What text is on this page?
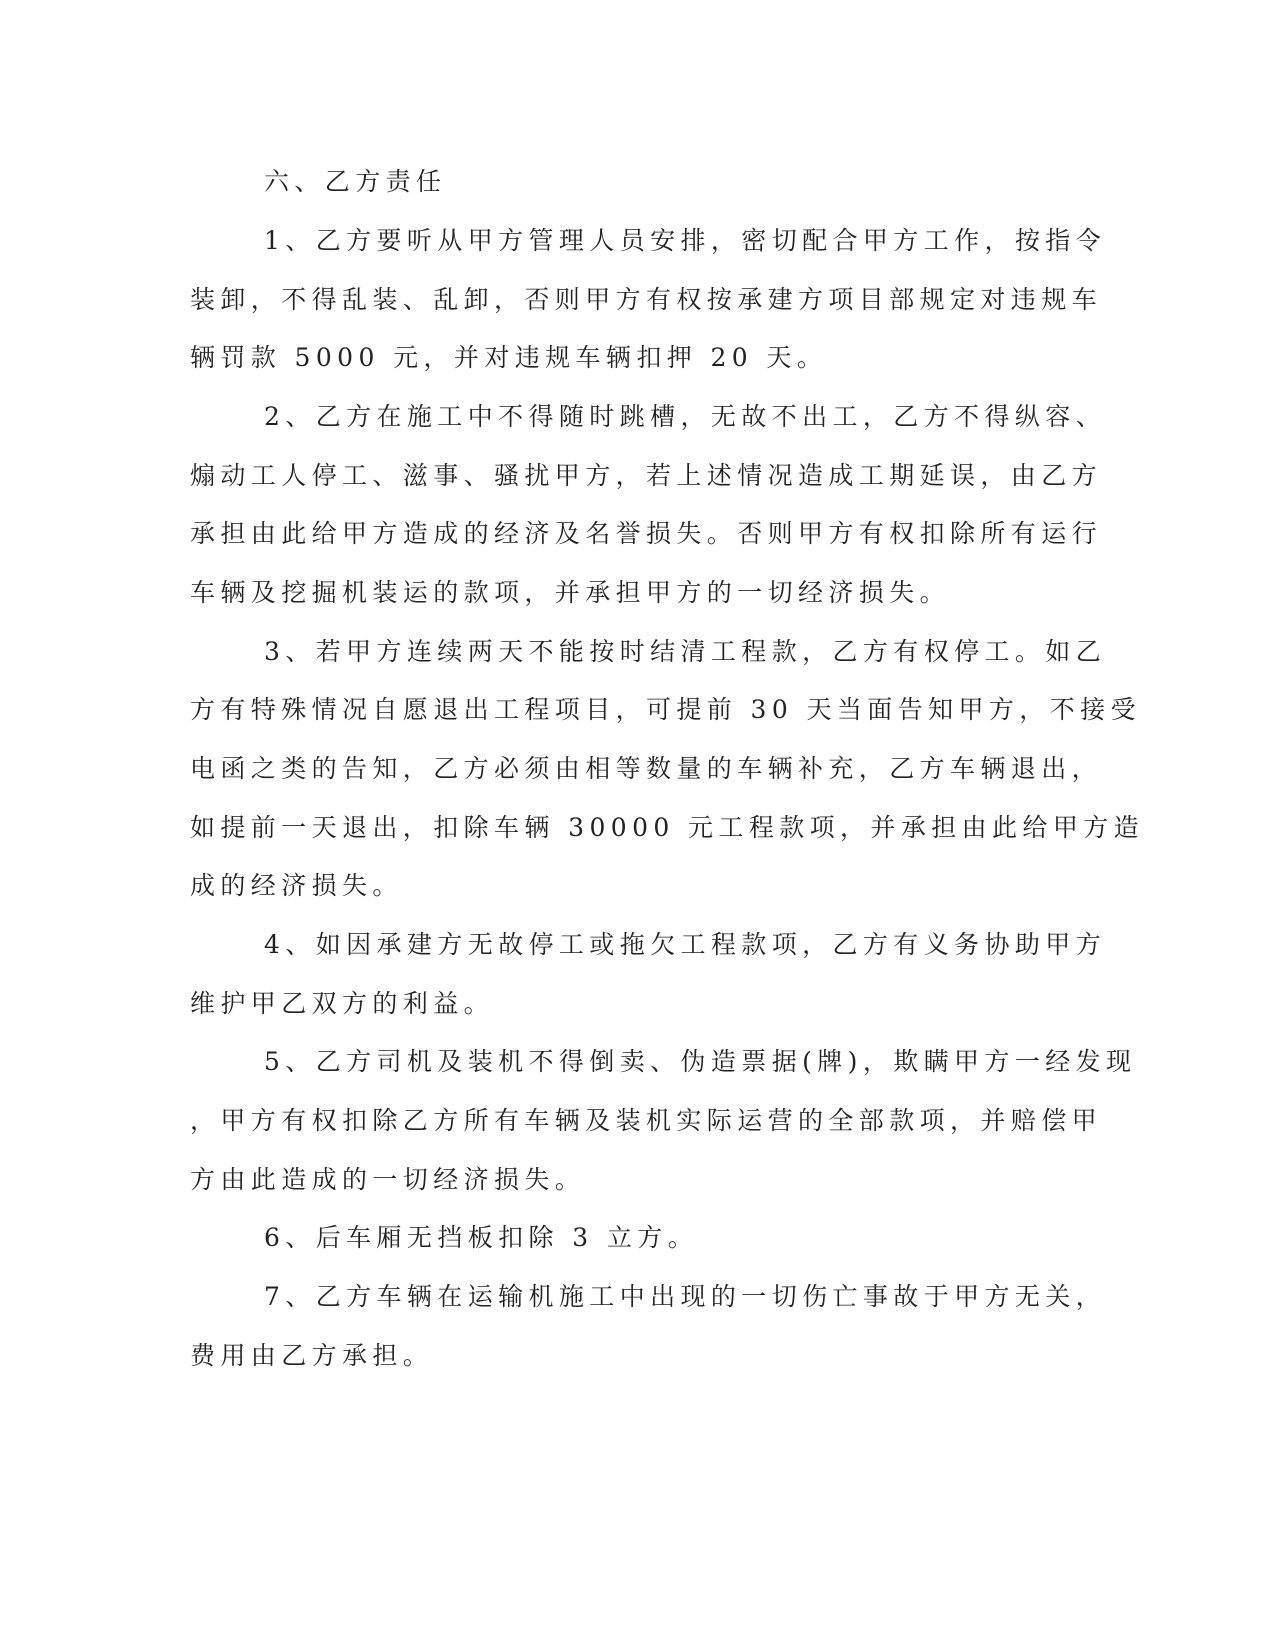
六、乙方责任
1、乙方要听从甲方管理人员安排，密切配合甲方工作，按指令
装卸，不得乱装、乱卸，否则甲方有权按承建方项目部规定对违规车
辆罚款 5000 元，并对违规车辆扣押 20 天。
2、乙方在施工中不得随时跳槽，无故不出工，乙方不得纵容、
煽动工人停工、滋事、骚扰甲方，若上述情况造成工期延误，由乙方
承担由此给甲方造成的经济及名誉损失。否则甲方有权扣除所有运行
车辆及挖掘机装运的款项，并承担甲方的一切经济损失。
3、若甲方连续两天不能按时结清工程款，乙方有权停工。如乙
方有特殊情况自愿退出工程项目，可提前 30 天当面告知甲方，不接受
电函之类的告知，乙方必须由相等数量的车辆补充，乙方车辆退出，
如提前一天退出，扣除车辆 30000 元工程款项，并承担由此给甲方造
成的经济损失。
4、如因承建方无故停工或拖欠工程款项，乙方有义务协助甲方
维护甲乙双方的利益。
5、乙方司机及装机不得倒卖、伪造票据(牌)，欺瞒甲方一经发现
，甲方有权扣除乙方所有车辆及装机实际运营的全部款项，并赔偿甲
方由此造成的一切经济损失。
6、后车厢无挡板扣除 3 立方。
7、乙方车辆在运输机施工中出现的一切伤亡事故于甲方无关，
费用由乙方承担。
